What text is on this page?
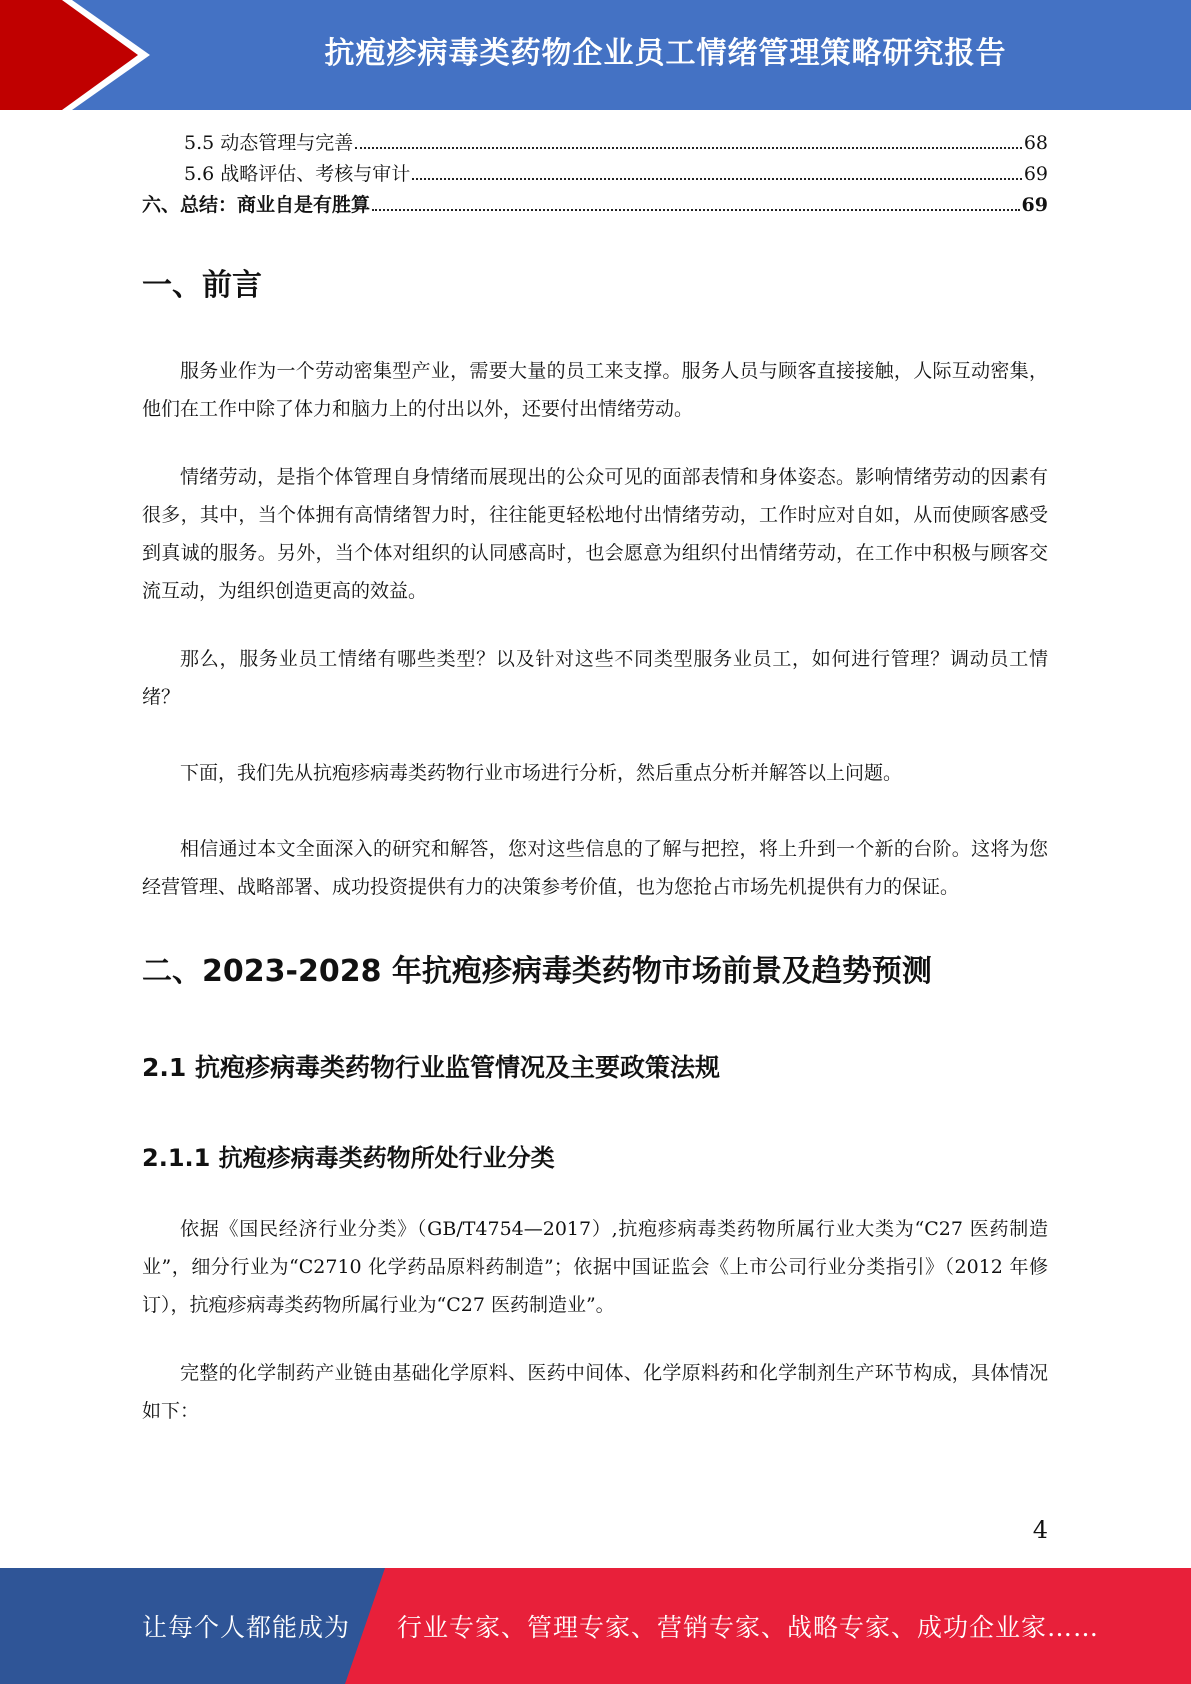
抗疱疹病毒类药物企业员工情绪管理策略研究报告
5.5 动态管理与完善	68
5.6 战略评估、考核与审计	69
六、总结：商业自是有胜算	69
一、前言

服务业作为一个劳动密集型产业，需要大量的员工来支撑。服务人员与顾客直接接触，人际互动密集，他们在工作中除了体力和脑力上的付出以外，还要付出情绪劳动。

情绪劳动，是指个体管理自身情绪而展现出的公众可见的面部表情和身体姿态。影响情绪劳动的因素有很多，其中，当个体拥有高情绪智力时，往往能更轻松地付出情绪劳动，工作时应对自如，从而使顾客感受到真诚的服务。另外，当个体对组织的认同感高时，也会愿意为组织付出情绪劳动，在工作中积极与顾客交流互动，为组织创造更高的效益。

那么，服务业员工情绪有哪些类型？以及针对这些不同类型服务业员工，如何进行管理？调动员工情绪？

下面，我们先从抗疱疹病毒类药物行业市场进行分析，然后重点分析并解答以上问题。

相信通过本文全面深入的研究和解答，您对这些信息的了解与把控，将上升到一个新的台阶。这将为您经营管理、战略部署、成功投资提供有力的决策参考价值，也为您抢占市场先机提供有力的保证。

二、2023-2028 年抗疱疹病毒类药物市场前景及趋势预测
2.1 抗疱疹病毒类药物行业监管情况及主要政策法规
2.1.1 抗疱疹病毒类药物所处行业分类

依据《国民经济行业分类》（GB/T4754—2017）,抗疱疹病毒类药物所属行业大类为“C27 医药制造业”，细分行业为“C2710 化学药品原料药制造”；依据中国证监会《上市公司行业分类指引》（2012 年修订），抗疱疹病毒类药物所属行业为“C27 医药制造业”。

完整的化学制药产业链由基础化学原料、医药中间体、化学原料药和化学制剂生产环节构成，具体情况如下：

4
让每个人都能成为 行业专家、管理专家、营销专家、战略专家、成功企业家……
